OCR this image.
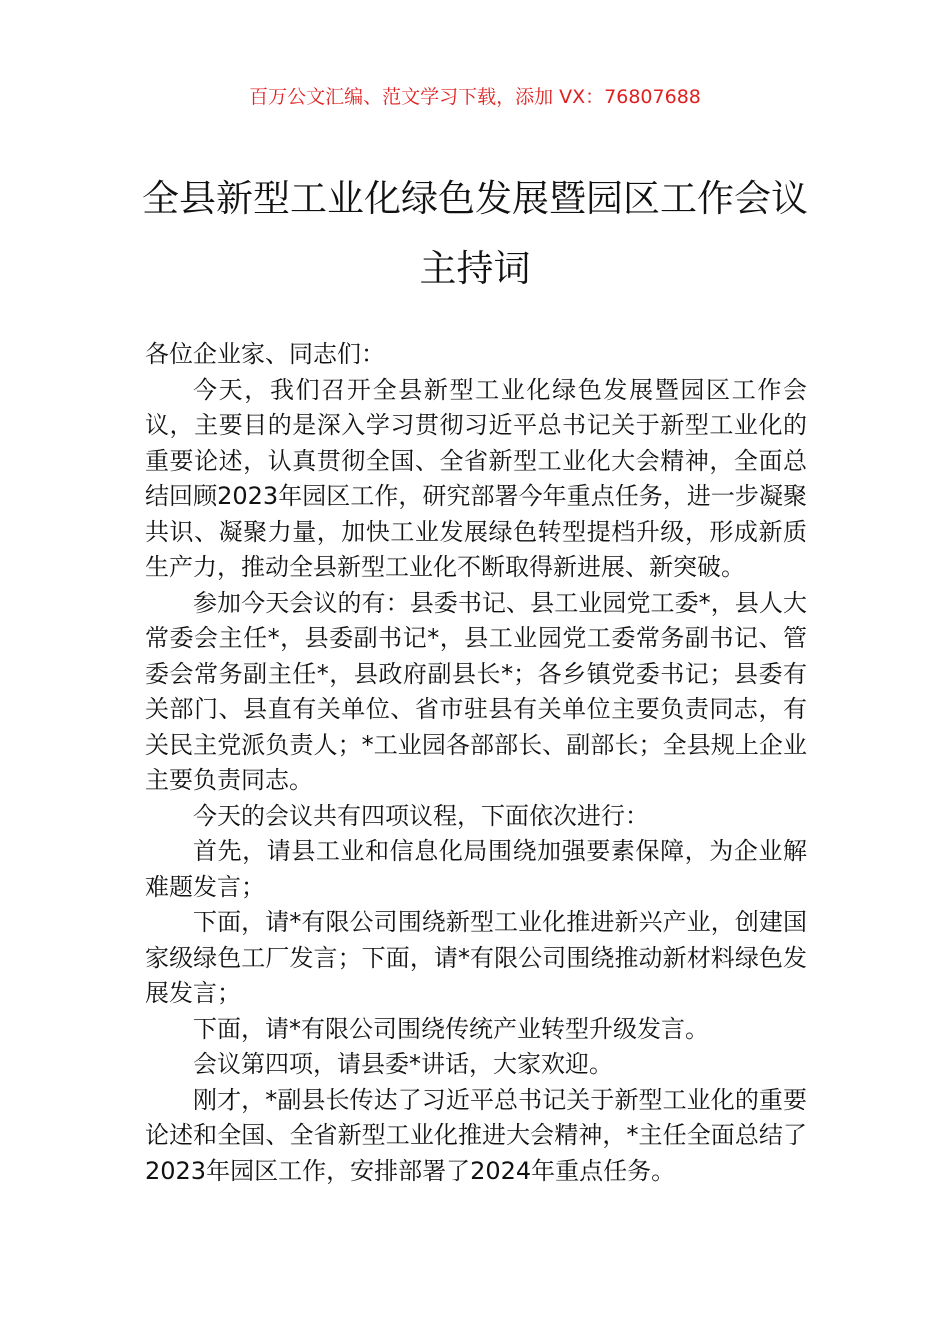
百万公文汇编、范文学习下载，添加 VX：76807688
全县新型工业化绿色发展暨园区工作会议
主持词

各位企业家、同志们：

今天，我们召开全县新型工业化绿色发展暨园区工作会议，主要目的是深入学习贯彻习近平总书记关于新型工业化的重要论述，认真贯彻全国、全省新型工业化大会精神，全面总结回顾2023年园区工作，研究部署今年重点任务，进一步凝聚共识、凝聚力量，加快工业发展绿色转型提档升级，形成新质生产力，推动全县新型工业化不断取得新进展、新突破。

参加今天会议的有：县委书记、县工业园党工委*，县人大常委会主任*，县委副书记*，县工业园党工委常务副书记、管委会常务副主任*，县政府副县长*；各乡镇党委书记；县委有关部门、县直有关单位、省市驻县有关单位主要负责同志，有关民主党派负责人；*工业园各部部长、副部长；全县规上企业主要负责同志。

今天的会议共有四项议程，下面依次进行：

首先，请县工业和信息化局围绕加强要素保障，为企业解难题发言；

下面，请*有限公司围绕新型工业化推进新兴产业，创建国家级绿色工厂发言；下面，请*有限公司围绕推动新材料绿色发展发言；

下面，请*有限公司围绕传统产业转型升级发言。

会议第四项，请县委*讲话，大家欢迎。

刚才，*副县长传达了习近平总书记关于新型工业化的重要论述和全国、全省新型工业化推进大会精神，*主任全面总结了2023年园区工作，安排部署了2024年重点任务。
